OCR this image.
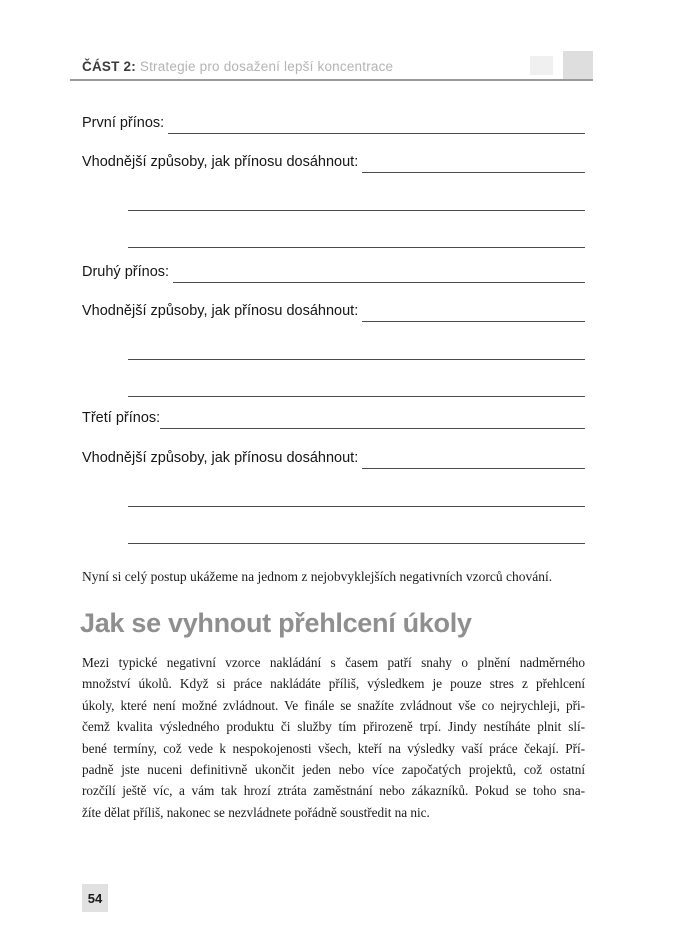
ČÁST 2: Strategie pro dosažení lepší koncentrace
První přínos:
Vhodnější způsoby, jak přínosu dosáhnout:
Druhý přínos:
Vhodnější způsoby, jak přínosu dosáhnout:
Třetí přínos:
Vhodnější způsoby, jak přínosu dosáhnout:
Nyní si celý postup ukážeme na jednom z nejobvyklejších negativních vzorců chování.
Jak se vyhnout přehlcení úkoly
Mezi typické negativní vzorce nakládání s časem patří snahy o plnění nadměrného
množství úkolů. Když si práce nakládáte příliš, výsledkem je pouze stres z přehlcení
úkoly, které není možné zvládnout. Ve finále se snažíte zvládnout vše co nejrychleji, při-
čemž kvalita výsledného produktu či služby tím přirozeně trpí. Jindy nestíháte plnit slí-
bené termíny, což vede k nespokojenosti všech, kteří na výsledky vaší práce čekají. Pří-
padně jste nuceni definitivně ukončit jeden nebo více započatých projektů, což ostatní
rozčílí ještě víc, a vám tak hrozí ztráta zaměstnání nebo zákazníků. Pokud se toho sna-
žíte dělat příliš, nakonec se nezvládnete pořádně soustředit na nic.
54
